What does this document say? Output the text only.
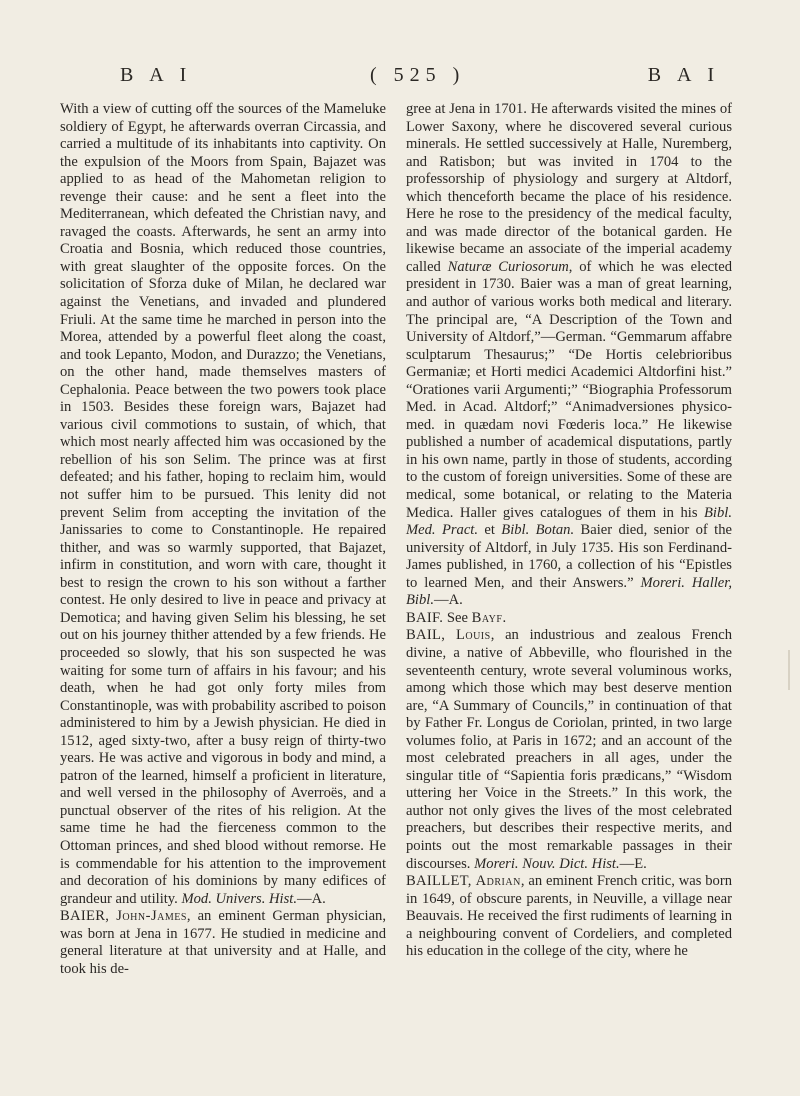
B A I	( 525 )	B A I

With a view of cutting off the sources of the Mameluke soldiery of Egypt, he afterwards overran Circassia, and carried a multitude of its inhabitants into captivity. On the expulsion of the Moors from Spain, Bajazet was applied to as head of the Mahometan religion to revenge their cause: and he sent a fleet into the Mediterranean, which defeated the Christian navy, and ravaged the coasts. Afterwards, he sent an army into Croatia and Bosnia, which reduced those countries, with great slaughter of the opposite forces. On the solicitation of Sforza duke of Milan, he declared war against the Venetians, and invaded and plundered Friuli. At the same time he marched in person into the Morea, attended by a powerful fleet along the coast, and took Lepanto, Modon, and Durazzo; the Venetians, on the other hand, made themselves masters of Cephalonia. Peace between the two powers took place in 1503. Besides these foreign wars, Bajazet had various civil commotions to sustain, of which, that which most nearly affected him was occasioned by the rebellion of his son Selim. The prince was at first defeated; and his father, hoping to reclaim him, would not suffer him to be pursued. This lenity did not prevent Selim from accepting the invitation of the Janissaries to come to Constantinople. He repaired thither, and was so warmly supported, that Bajazet, infirm in constitution, and worn with care, thought it best to resign the crown to his son without a farther contest. He only desired to live in peace and privacy at Demotica; and having given Selim his blessing, he set out on his journey thither attended by a few friends. He proceeded so slowly, that his son suspected he was waiting for some turn of affairs in his favour; and his death, when he had got only forty miles from Constantinople, was with probability ascribed to poison administered to him by a Jewish physician. He died in 1512, aged sixty-two, after a busy reign of thirty-two years. He was active and vigorous in body and mind, a patron of the learned, himself a proficient in literature, and well versed in the philosophy of Averroës, and a punctual observer of the rites of his religion. At the same time he had the fierceness common to the Ottoman princes, and shed blood without remorse. He is commendable for his attention to the improvement and decoration of his dominions by many edifices of grandeur and utility. Mod. Univers. Hist.—A.

BAIER, John-James, an eminent German physician, was born at Jena in 1677. He studied in medicine and general literature at that university and at Halle, and took his de-

gree at Jena in 1701. He afterwards visited the mines of Lower Saxony, where he discovered several curious minerals. He settled successively at Halle, Nuremberg, and Ratisbon; but was invited in 1704 to the professorship of physiology and surgery at Altdorf, which thenceforth became the place of his residence. Here he rose to the presidency of the medical faculty, and was made director of the botanical garden. He likewise became an associate of the imperial academy called Naturæ Curiosorum, of which he was elected president in 1730. Baier was a man of great learning, and author of various works both medical and literary. The principal are, “A Description of the Town and University of Altdorf,”—German. “Gemmarum affabre sculptarum Thesaurus;” “De Hortis celebrioribus Germaniæ; et Horti medici Academici Altdorfini hist.” “Orationes varii Argumenti;” “Biographia Professorum Med. in Acad. Altdorf;” “Animadversiones physico-med. in quædam novi Fœderis loca.” He likewise published a number of academical disputations, partly in his own name, partly in those of students, according to the custom of foreign universities. Some of these are medical, some botanical, or relating to the Materia Medica. Haller gives catalogues of them in his Bibl. Med. Pract. et Bibl. Botan. Baier died, senior of the university of Altdorf, in July 1735. His son Ferdinand-James published, in 1760, a collection of his “Epistles to learned Men, and their Answers.” Moreri. Haller, Bibl.—A.

BAIF. See Bayf.

BAIL, Louis, an industrious and zealous French divine, a native of Abbeville, who flourished in the seventeenth century, wrote several voluminous works, among which those which may best deserve mention are, “A Summary of Councils,” in continuation of that by Father Fr. Longus de Coriolan, printed, in two large volumes folio, at Paris in 1672; and an account of the most celebrated preachers in all ages, under the singular title of “Sapientia foris prædicans,” “Wisdom uttering her Voice in the Streets.” In this work, the author not only gives the lives of the most celebrated preachers, but describes their respective merits, and points out the most remarkable passages in their discourses. Moreri. Nouv. Dict. Hist.—E.

BAILLET, Adrian, an eminent French critic, was born in 1649, of obscure parents, in Neuville, a village near Beauvais. He received the first rudiments of learning in a neighbouring convent of Cordeliers, and completed his education in the college of the city, where he
